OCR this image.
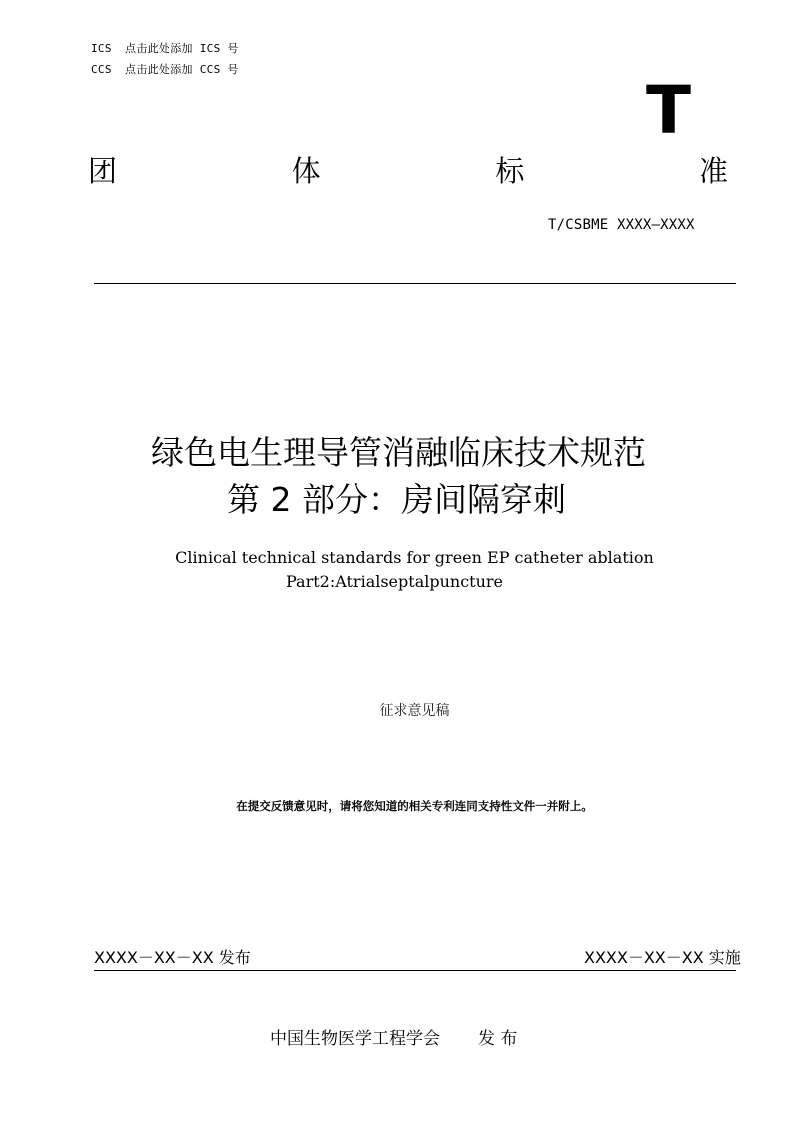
ICS 点击此处添加 ICS 号
CCS 点击此处添加 CCS 号
T
团	体	标	准
T/CSBME XXXX—XXXX
绿色电生理导管消融临床技术规范
第 2 部分：房间隔穿刺
Clinical technical standards for green EP catheter ablation
Part2:Atrialseptalpuncture
征求意见稿
在提交反馈意见时，请将您知道的相关专利连同支持性文件一并附上。
XXXX－XX－XX 发布	XXXX－XX－XX 实施
中国生物医学工程学会 发 布
